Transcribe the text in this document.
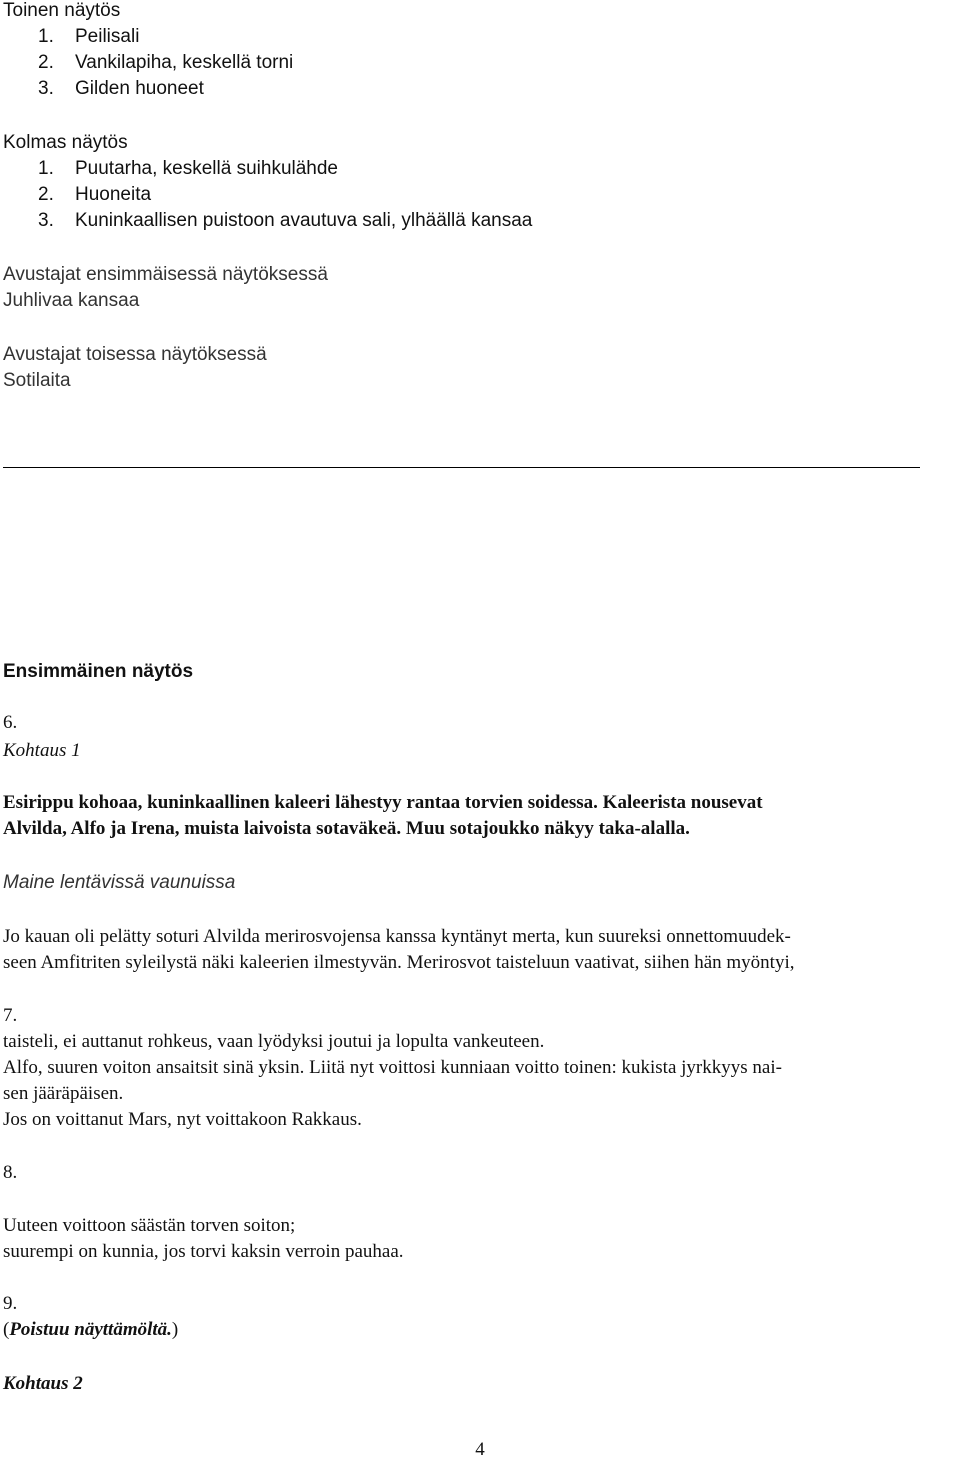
Toinen näytös
1.	Peilisali
2.	Vankilapiha, keskellä torni
3.	Gilden huoneet
Kolmas näytös
1.	Puutarha, keskellä suihkulähde
2.	Huoneita
3.	Kuninkaallisen puistoon avautuva sali, ylhäällä kansaa
Avustajat ensimmäisessä näytöksessä
Juhlivaa kansaa
Avustajat toisessa näytöksessä
Sotilaita
Ensimmäinen näytös
6.
Kohtaus 1
Esirippu kohoaa, kuninkaallinen kaleeri lähestyy rantaa torvien soidessa. Kaleerista nousevat
Alvilda, Alfo ja Irena, muista laivoista sotaväkeä. Muu sotajoukko näkyy taka-alalla.
Maine lentävissä vaunuissa
Jo kauan oli pelätty soturi Alvilda merirosvojensa kanssa kyntänyt merta, kun suureksi onnettomuudek-
seen Amfitriten syleilystä näki kaleerien ilmestyvän. Merirosvot taisteluun vaativat, siihen hän myöntyi,
7.
taisteli, ei auttanut rohkeus, vaan lyödyksi joutui ja lopulta vankeuteen.
Alfo, suuren voiton ansaitsit sinä yksin. Liitä nyt voittosi kunniaan voitto toinen: kukista jyrkkyys nai-
sen jääräpäisen.
Jos on voittanut Mars, nyt voittakoon Rakkaus.
8.
Uuteen voittoon säästän torven soiton;
suurempi on kunnia, jos torvi kaksin verroin pauhaa.
9.
(Poistuu näyttämöltä.)
Kohtaus 2
4
